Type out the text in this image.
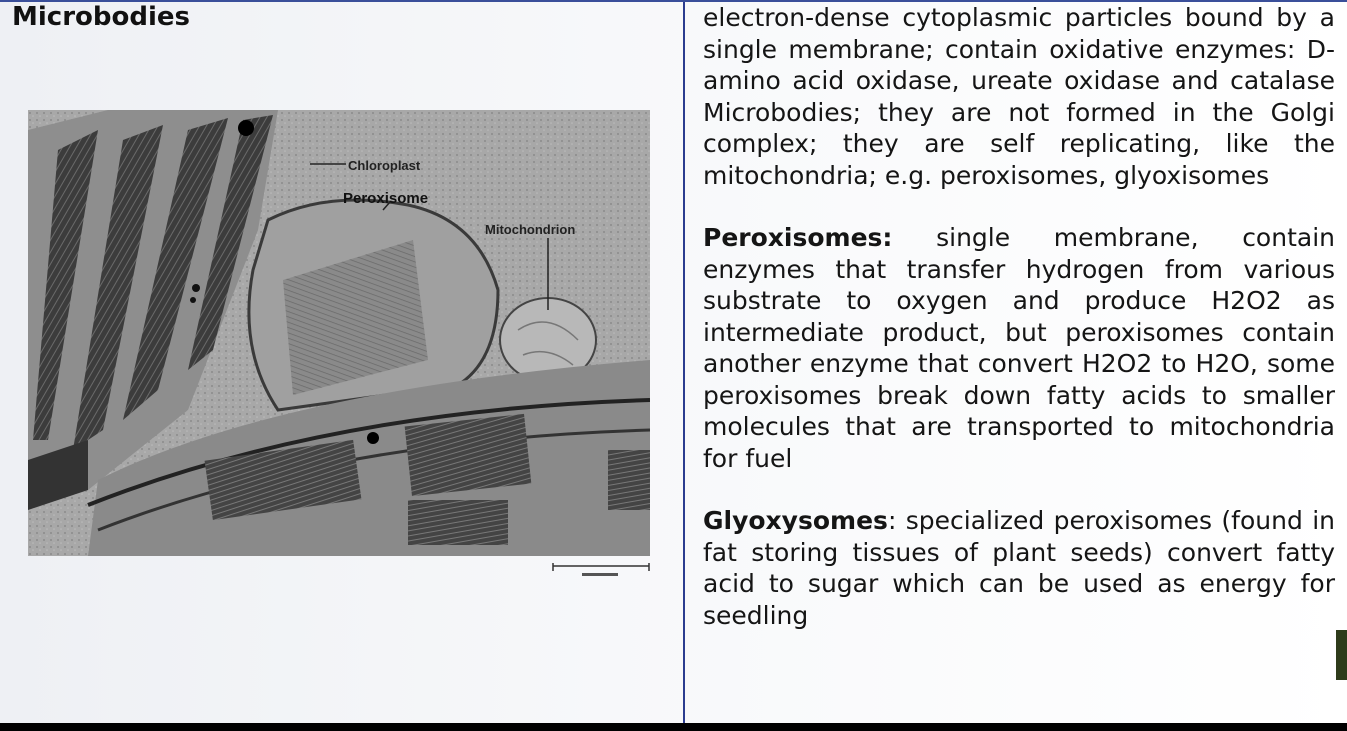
Microbodies
Chloroplast
Peroxisome
Mitochondrion

electron-dense cytoplasmic particles bound by a single membrane; contain oxidative enzymes: D-amino acid oxidase, ureate oxidase and catalase Microbodies; they are not formed in the Golgi complex; they are self replicating, like the mitochondria; e.g. peroxisomes, glyoxisomes

Peroxisomes: single membrane, contain enzymes that transfer hydrogen from various substrate to oxygen and produce H2O2 as intermediate product, but peroxisomes contain another enzyme that convert H2O2 to H2O, some peroxisomes break down fatty acids to smaller molecules that are transported to mitochondria for fuel

Glyoxysomes: specialized peroxisomes (found in fat storing tissues of plant seeds) convert fatty acid to sugar which can be used as energy for seedling
